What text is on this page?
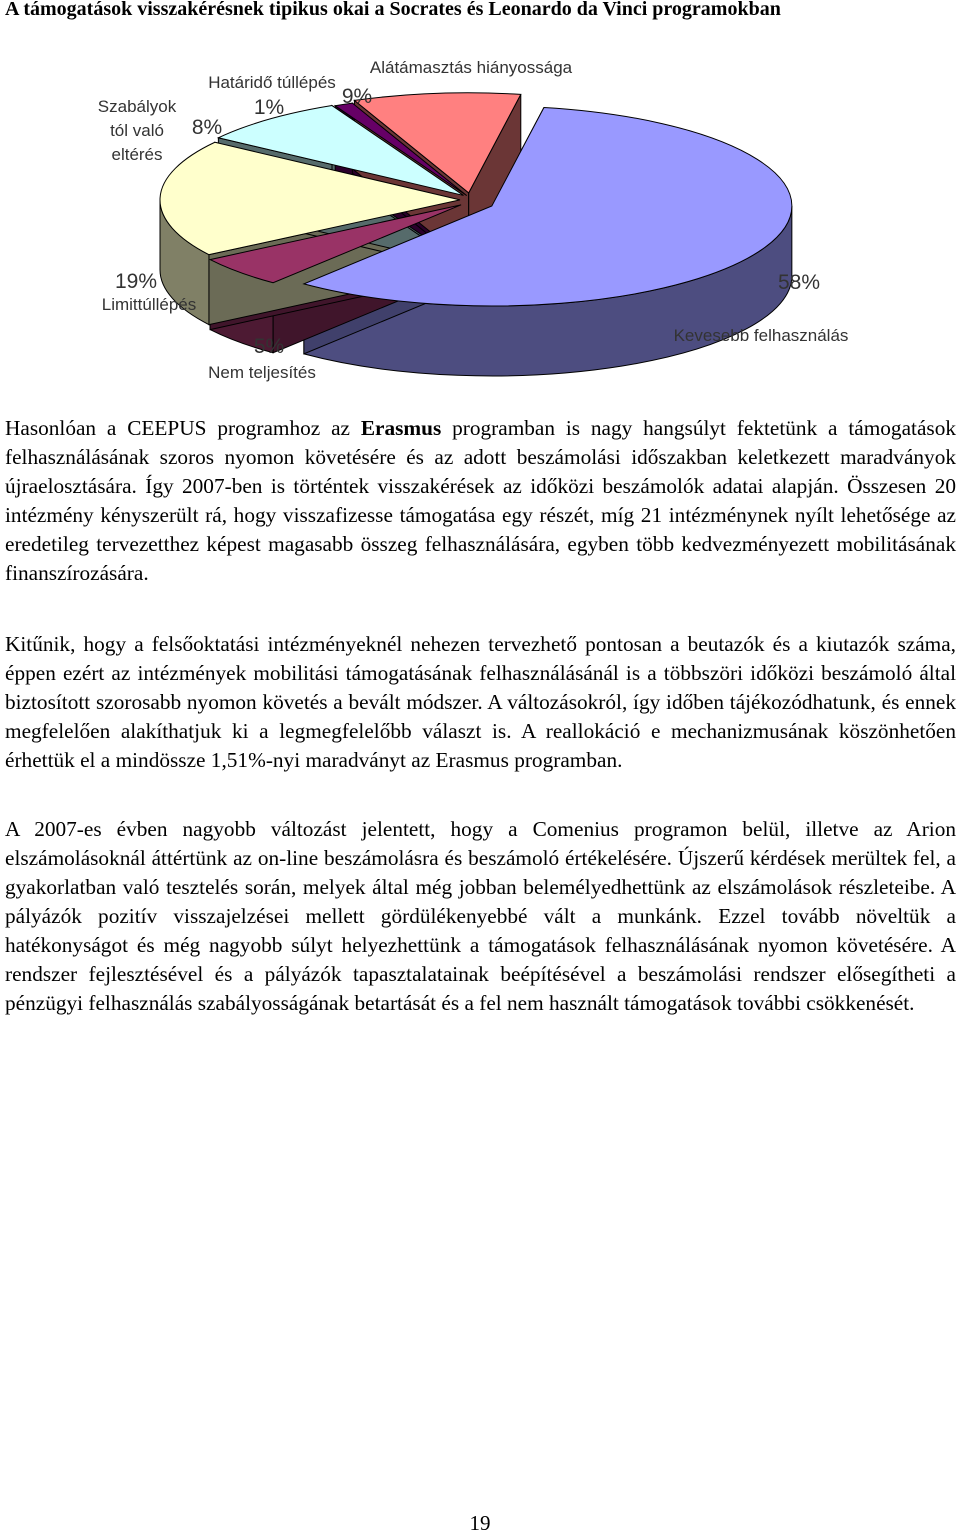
A támogatások visszakérésnek tipikus okai a Socrates és Leonardo da Vinci programokban
Szabályok
tól való
eltérés
8%
Határidő túllépés
1%
Alátámasztás hiányossága
9%
19%
Limittúllépés
5%
Nem teljesítés
58%
Kevesebb felhasználás

Hasonlóan a CEEPUS programhoz az Erasmus programban is nagy hangsúlyt fektetünk a támogatások felhasználásának szoros nyomon követésére és az adott beszámolási időszakban keletkezett maradványok újraelosztására. Így 2007-ben is történtek visszakérések az időközi beszámolók adatai alapján. Összesen 20 intézmény kényszerült rá, hogy visszafizesse támogatása egy részét, míg 21 intézménynek nyílt lehetősége az eredetileg tervezetthez képest magasabb összeg felhasználására, egyben több kedvezményezett mobilitásának finanszírozására.

Kitűnik, hogy a felsőoktatási intézményeknél nehezen tervezhető pontosan a beutazók és a kiutazók száma, éppen ezért az intézmények mobilitási támogatásának felhasználásánál is a többszöri időközi beszámoló által biztosított szorosabb nyomon követés a bevált módszer. A változásokról, így időben tájékozódhatunk, és ennek megfelelően alakíthatjuk ki a legmegfelelőbb választ is. A reallokáció e mechanizmusának köszönhetően érhettük el a mindössze 1,51%-nyi maradványt az Erasmus programban.

A 2007-es évben nagyobb változást jelentett, hogy a Comenius programon belül, illetve az Arion elszámolásoknál áttértünk az on-line beszámolásra és beszámoló értékelésére. Újszerű kérdések merültek fel, a gyakorlatban való tesztelés során, melyek által még jobban belemélyedhettünk az elszámolások részleteibe. A pályázók pozitív visszajelzései mellett gördülékenyebbé vált a munkánk. Ezzel tovább növeltük a hatékonyságot és még nagyobb súlyt helyezhettünk a támogatások felhasználásának nyomon követésére. A rendszer fejlesztésével és a pályázók tapasztalatainak beépítésével a beszámolási rendszer elősegítheti a pénzügyi felhasználás szabályosságának betartását és a fel nem használt támogatások további csökkenését.

19
